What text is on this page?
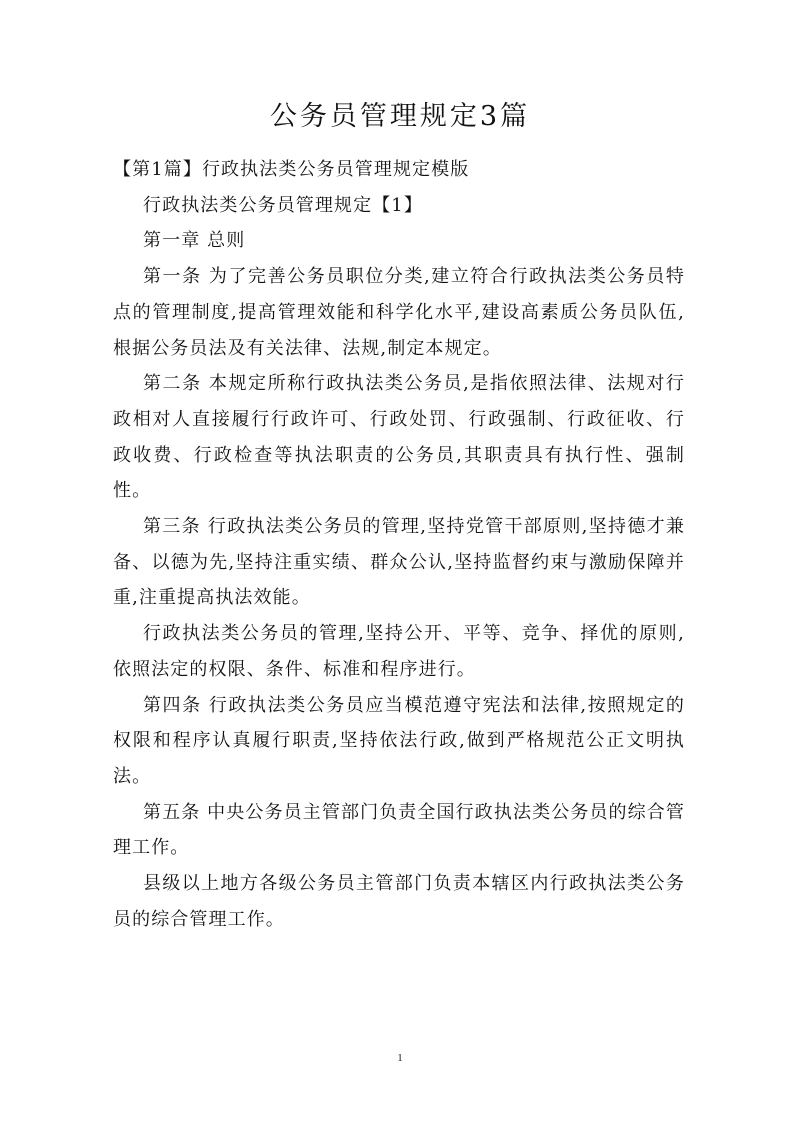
公务员管理规定3篇

【第1篇】行政执法类公务员管理规定模版

行政执法类公务员管理规定【1】

第一章 总则

第一条 为了完善公务员职位分类,建立符合行政执法类公务员特点的管理制度,提高管理效能和科学化水平,建设高素质公务员队伍,根据公务员法及有关法律、法规,制定本规定。

第二条 本规定所称行政执法类公务员,是指依照法律、法规对行政相对人直接履行行政许可、行政处罚、行政强制、行政征收、行政收费、行政检查等执法职责的公务员,其职责具有执行性、强制性。

第三条 行政执法类公务员的管理,坚持党管干部原则,坚持德才兼备、以德为先,坚持注重实绩、群众公认,坚持监督约束与激励保障并重,注重提高执法效能。

行政执法类公务员的管理,坚持公开、平等、竞争、择优的原则,依照法定的权限、条件、标准和程序进行。

第四条 行政执法类公务员应当模范遵守宪法和法律,按照规定的权限和程序认真履行职责,坚持依法行政,做到严格规范公正文明执法。

第五条 中央公务员主管部门负责全国行政执法类公务员的综合管理工作。

县级以上地方各级公务员主管部门负责本辖区内行政执法类公务员的综合管理工作。

1
